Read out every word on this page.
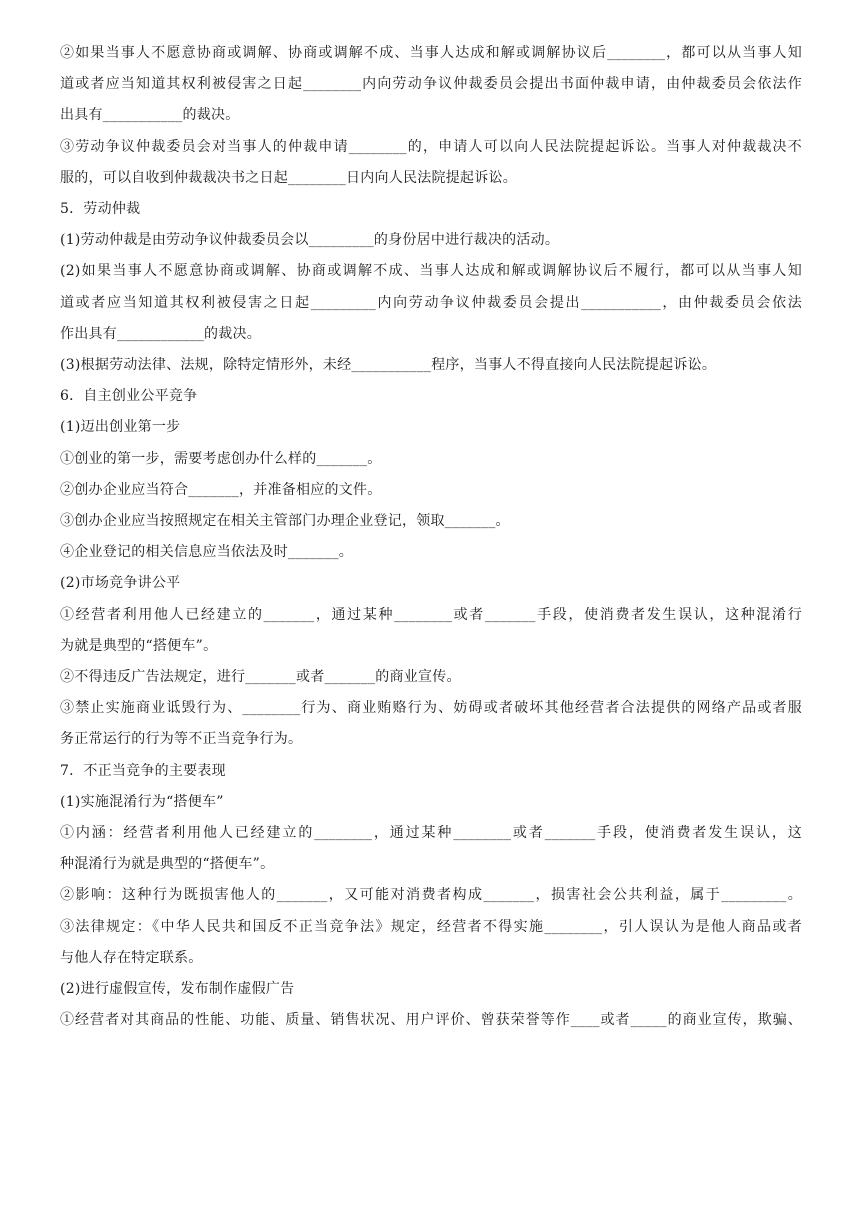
②如果当事人不愿意协商或调解、协商或调解不成、当事人达成和解或调解协议后________，都可以从当事人知
道或者应当知道其权利被侵害之日起________内向劳动争议仲裁委员会提出书面仲裁申请，由仲裁委员会依法作
出具有___________的裁决。
③劳动争议仲裁委员会对当事人的仲裁申请________的，申请人可以向人民法院提起诉讼。当事人对仲裁裁决不
服的，可以自收到仲裁裁决书之日起________日内向人民法院提起诉讼。
5．劳动仲裁
(1)劳动仲裁是由劳动争议仲裁委员会以_________的身份居中进行裁决的活动。
(2)如果当事人不愿意协商或调解、协商或调解不成、当事人达成和解或调解协议后不履行，都可以从当事人知
道或者应当知道其权利被侵害之日起_________内向劳动争议仲裁委员会提出___________，由仲裁委员会依法
作出具有____________的裁决。
(3)根据劳动法律、法规，除特定情形外，未经___________程序，当事人不得直接向人民法院提起诉讼。
6．自主创业公平竞争
(1)迈出创业第一步
①创业的第一步，需要考虑创办什么样的_______。
②创办企业应当符合_______，并准备相应的文件。
③创办企业应当按照规定在相关主管部门办理企业登记，领取_______。
④企业登记的相关信息应当依法及时_______。
(2)市场竞争讲公平
①经营者利用他人已经建立的_______，通过某种________或者_______手段，使消费者发生误认，这种混淆行
为就是典型的“搭便车”。
②不得违反广告法规定，进行_______或者_______的商业宣传。
③禁止实施商业诋毁行为、________行为、商业贿赂行为、妨碍或者破坏其他经营者合法提供的网络产品或者服
务正常运行的行为等不正当竞争行为。
7．不正当竞争的主要表现
(1)实施混淆行为“搭便车”
①内涵：经营者利用他人已经建立的________，通过某种________或者_______手段，使消费者发生误认，这
种混淆行为就是典型的“搭便车”。
②影响：这种行为既损害他人的_______，又可能对消费者构成_______，损害社会公共利益，属于_________。
③法律规定：《中华人民共和国反不正当竞争法》规定，经营者不得实施________，引人误认为是他人商品或者
与他人存在特定联系。
(2)进行虚假宣传，发布制作虚假广告
①经营者对其商品的性能、功能、质量、销售状况、用户评价、曾获荣誉等作____或者_____的商业宣传，欺骗、
